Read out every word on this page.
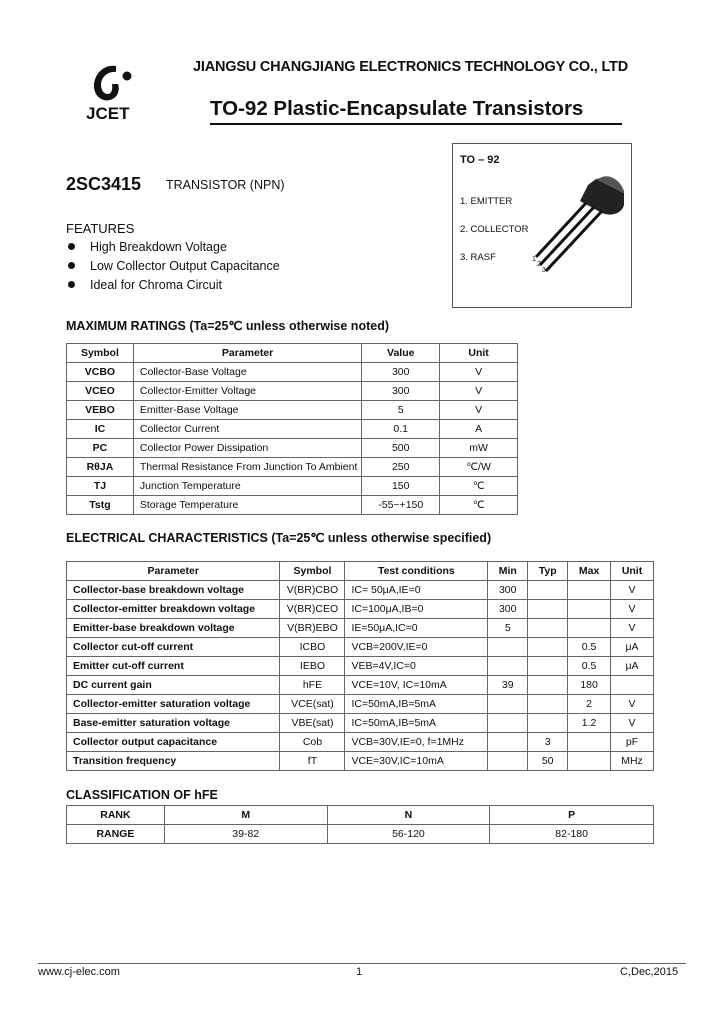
JCET
JIANGSU CHANGJIANG ELECTRONICS TECHNOLOGY CO., LTD
TO-92 Plastic-Encapsulate Transistors
TO – 92
1. EMITTER
2. COLLECTOR
3. RASF	1
2
3
2SC3415 TRANSISTOR (NPN)
FEATURES
High Breakdown Voltage
Low Collector Output Capacitance
Ideal for Chroma Circuit
MAXIMUM RATINGS (Ta=25℃ unless otherwise noted)
Symbol	Parameter	Value	Unit
VCBO	Collector-Base Voltage	300	V
VCEO	Collector-Emitter Voltage	300	V
VEBO	Emitter-Base Voltage	5	V
IC	Collector Current	0.1	A
PC	Collector Power Dissipation	500	mW
RθJA	Thermal Resistance From Junction To Ambient	250	℃/W
TJ	Junction Temperature	150	℃
Tstg	Storage Temperature	-55~+150	℃
ELECTRICAL CHARACTERISTICS (Ta=25℃ unless otherwise specified)
Parameter	Symbol	Test conditions	Min	Typ	Max	Unit
Collector-base breakdown voltage	V(BR)CBO	IC= 50μA,IE=0	300			V
Collector-emitter breakdown voltage	V(BR)CEO	IC=100μA,IB=0	300			V
Emitter-base breakdown voltage	V(BR)EBO	IE=50μA,IC=0	5			V
Collector cut-off current	ICBO	VCB=200V,IE=0			0.5	μA
Emitter cut-off current	IEBO	VEB=4V,IC=0			0.5	μA
DC current gain	hFE	VCE=10V, IC=10mA	39		180	
Collector-emitter saturation voltage	VCE(sat)	IC=50mA,IB=5mA			2	V
Base-emitter saturation voltage	VBE(sat)	IC=50mA,IB=5mA			1.2	V
Collector output capacitance	Cob	VCB=30V,IE=0, f=1MHz		3		pF
Transition frequency	fT	VCE=30V,IC=10mA		50		MHz
CLASSIFICATION OF hFE
RANK	M	N	P
RANGE	39-82	56-120	82-180
www.cj-elec.com	1	C,Dec,2015
